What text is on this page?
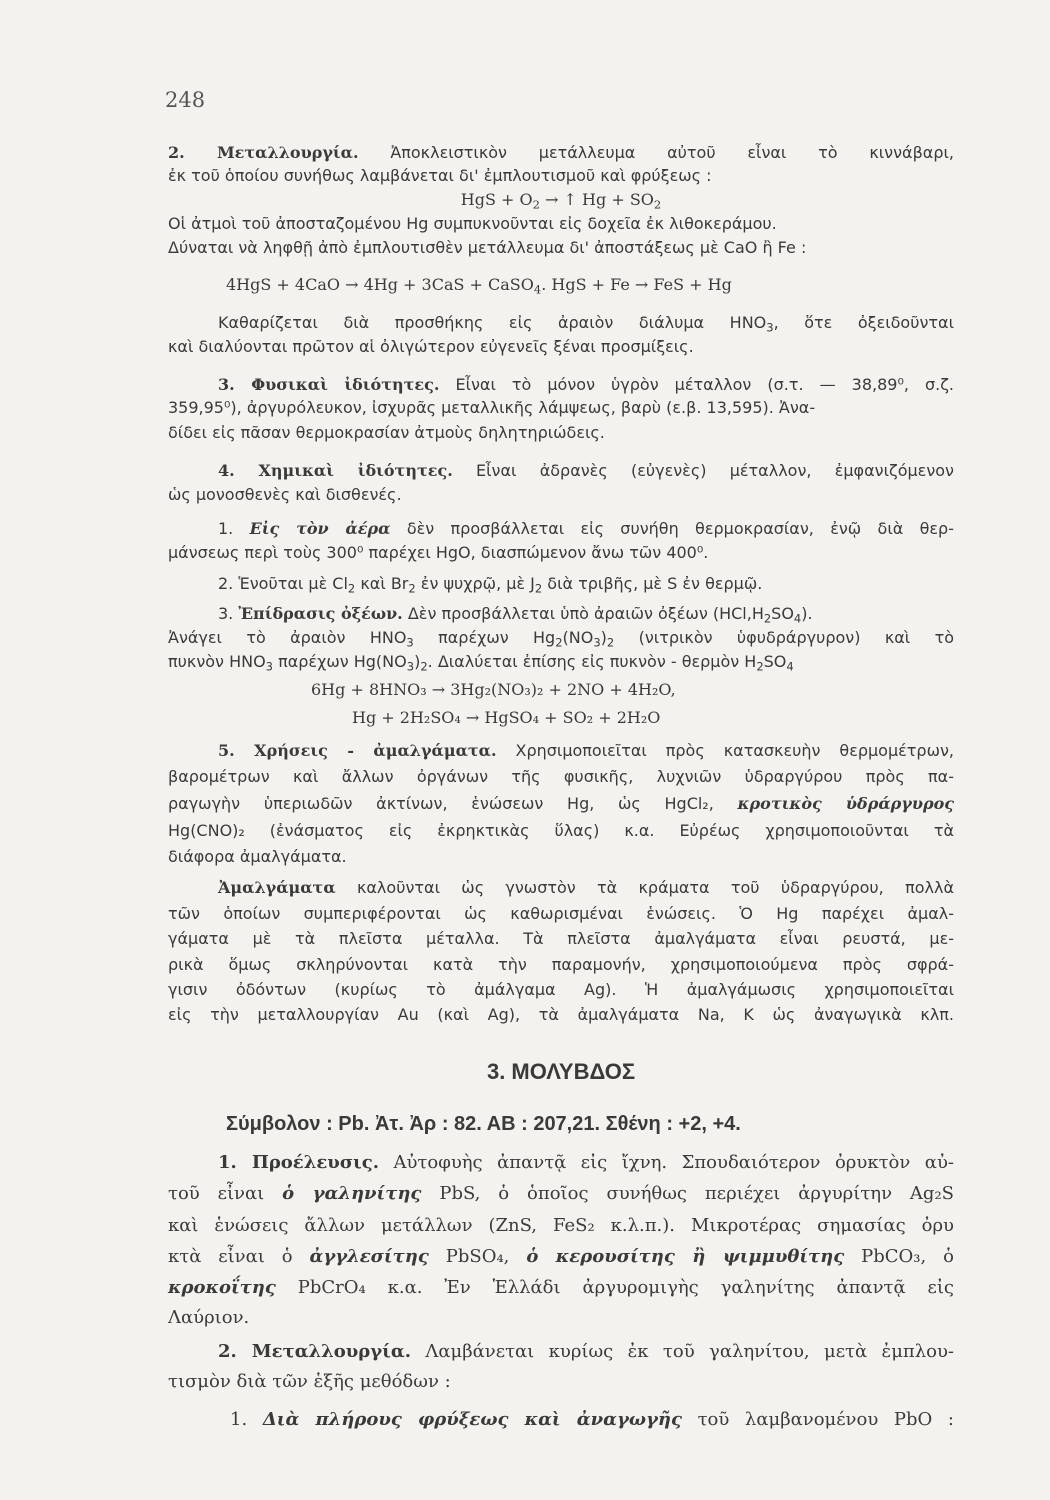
248
2. Μεταλλουργία. Ἀποκλειστικὸν μετάλλευμα αὐτοῦ εἶναι τὸ κιννάβαρι,
ἐκ τοῦ ὁποίου συνήθως λαμβάνεται δι' ἐμπλουτισμοῦ καὶ φρύξεως :
HgS + $O_2$ → ↑ $Hg + SO_2$
Οἱ ἀτμοὶ τοῦ ἀποσταζομένου Hg συμπυκνοῦνται εἰς δοχεῖα ἐκ λιθοκεράμου.
Δύναται νὰ ληφθῇ ἀπὸ ἐμπλουτισθὲν μετάλλευμα δι' ἀποστάξεως μὲ CaO ἢ Fe :
4HgS + 4CaO → 4Hg + 3CaS + CaSO$_4$. HgS + Fe → FeS + Hg
Καθαρίζεται διὰ προσθήκης εἰς ἀραιὸν διάλυμα $HNO_3$, ὅτε ὀξειδοῦνται
καὶ διαλύονται πρῶτον αἱ ὀλιγώτερον εὐγενεῖς ξέναι προσμίξεις.
3. Φυσικαὶ ἰδιότητες. Εἶναι τὸ μόνον ὑγρὸν μέταλλον (σ.τ. — 38,89⁰, σ.ζ.
359,95⁰), ἀργυρόλευκον, ἰσχυρᾶς μεταλλικῆς λάμψεως, βαρὺ (ε.β. 13,595). Ἀνα-
δίδει εἰς πᾶσαν θερμοκρασίαν ἀτμοὺς δηλητηριώδεις.
4. Χημικαὶ ἰδιότητες. Εἶναι ἀδρανὲς (εὐγενὲς) μέταλλον, ἐμφανιζόμενον
ὡς μονοσθενὲς καὶ δισθενές.
1. Εἰς τὸν ἀέρα δὲν προσβάλλεται εἰς συνήθη θερμοκρασίαν, ἐνῷ διὰ θερ-
μάνσεως περὶ τοὺς 300⁰ παρέχει HgO, διασπώμενον ἄνω τῶν 400⁰.
2. Ἑνοῦται μὲ $Cl_2$ καὶ $Br_2$ ἐν ψυχρῷ, μὲ $J_2$ διὰ τριβῆς, μὲ S ἐν θερμῷ.
3. Ἐπίδρασις ὀξέων. Δὲν προσβάλλεται ὑπὸ ἀραιῶν ὀξέων $(HCl,H_2SO_4)$.
Ἀνάγει τὸ ἀραιὸν $HNO_3$ παρέχων $Hg_2(NO_3)_2$ (νιτρικὸν ὑφυδράργυρον) καὶ τὸ
πυκνὸν $HNO_3$ παρέχων $Hg(NO_3)_2$. Διαλύεται ἐπίσης εἰς πυκνὸν - θερμὸν $H_2SO_4$
6Hg + 8HNO₃ → 3Hg₂(NO₃)₂ + 2NO + 4H₂O,
Hg + 2H₂SO₄ → HgSO₄ + SO₂ + 2H₂O
5. Χρήσεις - ἀμαλγάματα. Χρησιμοποιεῖται πρὸς κατασκευὴν θερμομέτρων,
βαρομέτρων καὶ ἄλλων ὀργάνων τῆς φυσικῆς, λυχνιῶν ὑδραργύρου πρὸς πα-
ραγωγὴν ὑπεριωδῶν ἀκτίνων, ἑνώσεων Hg, ὡς HgCl₂, κροτικὸς ὑδράργυρος
Hg(CNO)₂ (ἐνάσματος εἰς ἐκρηκτικὰς ὕλας) κ.α. Εὐρέως χρησιμοποιοῦνται τὰ
διάφορα ἀμαλγάματα.
Ἀμαλγάματα καλοῦνται ὡς γνωστὸν τὰ κράματα τοῦ ὑδραργύρου, πολλὰ
τῶν ὁποίων συμπεριφέρονται ὡς καθωρισμέναι ἑνώσεις. Ὁ Hg παρέχει ἀμαλ-
γάματα μὲ τὰ πλεῖστα μέταλλα. Τὰ πλεῖστα ἀμαλγάματα εἶναι ρευστά, με-
ρικὰ ὅμως σκληρύνονται κατὰ τὴν παραμονήν, χρησιμοποιούμενα πρὸς σφρά-
γισιν ὀδόντων (κυρίως τὸ ἀμάλγαμα Ag). Ἡ ἀμαλγάμωσις χρησιμοποιεῖται
εἰς τὴν μεταλλουργίαν Au (καὶ Ag), τὰ ἀμαλγάματα Na, K ὡς ἀναγωγικὰ κλπ.
3. ΜΟΛΥΒΔΟΣ
Σύμβολον : Pb. Ἀτ. Ἀρ : 82. ΑΒ : 207,21. Σθένη : +2, +4.
1. Προέλευσις. Αὐτοφυὴς ἀπαντᾷ εἰς ἴχνη. Σπουδαιότερον ὀρυκτὸν αὐ-
τοῦ εἶναι ὁ γαληνίτης PbS, ὁ ὁποῖος συνήθως περιέχει ἀργυρίτην Ag₂S
καὶ ἑνώσεις ἄλλων μετάλλων (ZnS, FeS₂ κ.λ.π.). Μικροτέρας σημασίας ὀρυ
κτὰ εἶναι ὁ ἀγγλεσίτης PbSO₄, ὁ κερουσίτης ἢ ψιμμυθίτης PbCO₃, ὁ
κροκοΐτης PbCrO₄ κ.α. Ἐν Ἑλλάδι ἀργυρομιγὴς γαληνίτης ἀπαντᾷ εἰς
Λαύριον.
2. Μεταλλουργία. Λαμβάνεται κυρίως ἐκ τοῦ γαληνίτου, μετὰ ἐμπλου-
τισμὸν διὰ τῶν ἑξῆς μεθόδων :
1. Διὰ πλήρους φρύξεως καὶ ἀναγωγῆς τοῦ λαμβανομένου PbO :
